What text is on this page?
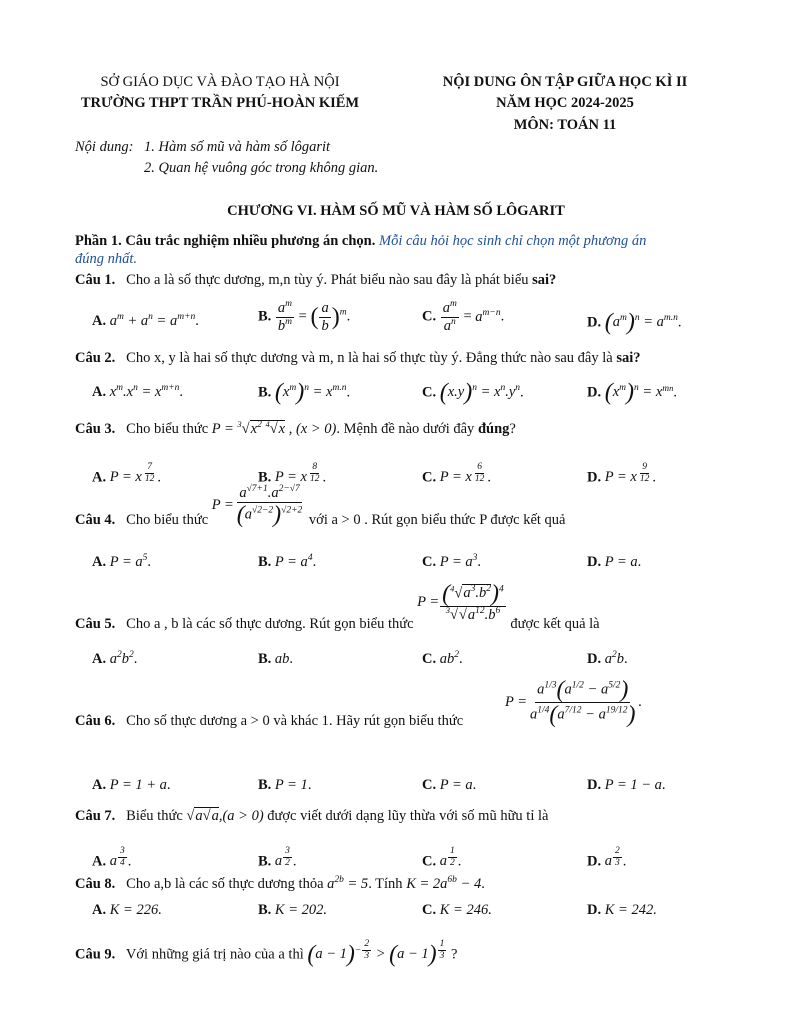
SỞ GIÁO DỤC VÀ ĐÀO TẠO HÀ NỘI
TRƯỜNG THPT TRẦN PHÚ-HOÀN KIẾM
NỘI DUNG ÔN TẬP GIỮA HỌC KÌ II
NĂM HỌC 2024-2025
MÔN: TOÁN 11
Nội dung: 1. Hàm số mũ và hàm số lôgarit
2. Quan hệ vuông góc trong không gian.
CHƯƠNG VI. HÀM SỐ MŨ VÀ HÀM SỐ LÔGARIT
Phần 1. Câu trắc nghiệm nhiều phương án chọn. Mỗi câu hỏi học sinh chỉ chọn một phương án
đúng nhất.
Câu 1. Cho a là số thực dương, m,n tùy ý. Phát biểu nào sau đây là phát biểu sai?
A. $a^m + a^n = a^{m+n}$.	B. $\frac{a^m}{b^m}$ = ( $\frac{a}{b} )^m$.	C. $\frac{a^m}{a^n} = a^{m-n}$.	D. $(a^m)^n = a^{m.n}$.
Câu 2. Cho x, y là hai số thực dương và m, n là hai số thực tùy ý. Đẳng thức nào sau đây là sai?
A. $x^m.x^n = x^{m+n}$.	B. $(x^m)^n = x^{m.n}$.	C. $(x.y)^n = x^n.y^n$.	D. $(x^m)^n = x^{mn}$.
Câu 3. Cho biểu thức $P = ^3√x^2$ $^4$√x , (x > 0). Mệnh đề nào dưới đây đúng?
A. P = x $^{\frac{7}{12}}$ .	B. P = x $^{\frac{8}{12}}$ .	C. P = x $^{\frac{6}{12}}$ .	D. P = x $^{\frac{9}{12}}$ .
Câu 4. Cho biểu thức $P = \frac{a^{√7+1}.a^{2-√7}}{(a^{√2-2})^{√2+2}}$ với a > 0 . Rút gọn biểu thức P được kết quả
A. $P = a^5$.	B. $P = a^4$.	C. $P = a^3$.	D. P = a.
Câu 5. Cho a , b là các số thực dương. Rút gọn biểu thức $P = \frac{(^4√a^3.b^2)^4}{^3√√a^{12}.b^6}$
được kết quả là
A. $a^2b^2$.	B. ab.	C. $ab^2$.	D. $a^2b$.
Câu 6. Cho số thực dương a > 0 và khác 1. Hãy rút gọn biểu thức
$P = \frac{a^{1/3}(a^{1/2} - a^{5/2})}{a^{1/4}(a^{7/12} - a^{19/12})}$ .
A. P = 1 + a.	B. P = 1.	C. P = a.	D. P = 1 − a.
Câu 7. Biểu thức √a√a,(a > 0) được viết dưới dạng lũy thừa với số mũ hữu tỉ là
A. a $^{\frac{3}{4}}$ .	B. a $^{\frac{3}{2}}$ .	C. a $^{\frac{1}{2}}$ .	D. a $^{\frac{2}{3}}$ .
Câu 8. Cho a,b là các số thực dương thỏa $a^{2b} = 5$. Tính $K = 2a^{6b} - 4$.
A. K = 226.	B. K = 202.	C. K = 246.	D. K = 242.
Câu 9. Với những giá trị nào của a thì $(a - 1)^{- \frac{2}{3}} > (a - 1)$ $^{\frac{1}{3}}$ ?
